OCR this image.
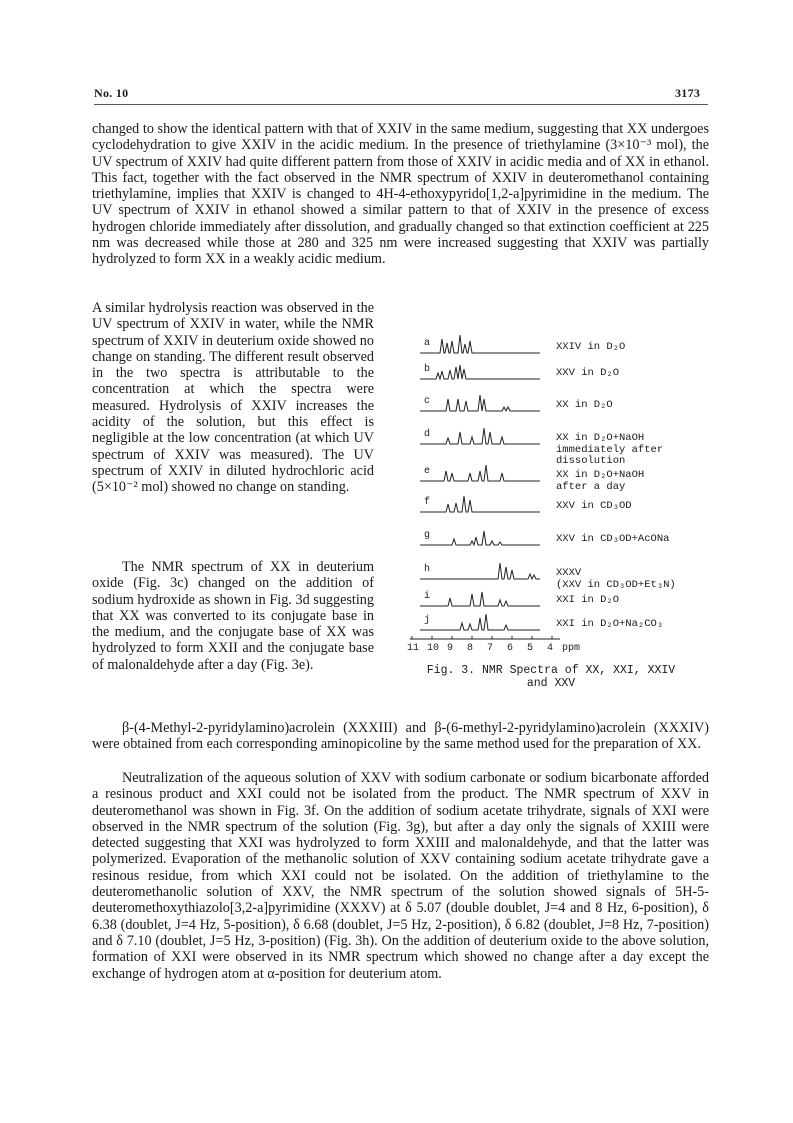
No. 10	3173

changed to show the identical pattern with that of XXIV in the same medium, suggesting that XX undergoes cyclodehydration to give XXIV in the acidic medium. In the presence of triethylamine (3×10⁻³ mol), the UV spectrum of XXIV had quite different pattern from those of XXIV in acidic media and of XX in ethanol. This fact, together with the fact observed in the NMR spectrum of XXIV in deuteromethanol containing triethylamine, implies that XXIV is changed to 4H-4-ethoxypyrido[1,2-a]pyrimidine in the medium. The UV spectrum of XXIV in ethanol showed a similar pattern to that of XXIV in the presence of excess hydrogen chloride immediately after dissolution, and gradually changed so that extinction coefficient at 225 nm was decreased while those at 280 and 325 nm were increased suggesting that XXIV was partially hydrolyzed to form XX in a weakly acidic medium.

A similar hydrolysis reaction was observed in the UV spectrum of XXIV in water, while the NMR spectrum of XXIV in deuterium oxide showed no change on standing. The different result observed in the two spectra is attributable to the concentration at which the spectra were measured. Hydrolysis of XXIV increases the acidity of the solution, but this effect is negligible at the low concentration (at which UV spectrum of XXIV was measured). The UV spectrum of XXIV in diluted hydrochloric acid (5×10⁻² mol) showed no change on standing.

The NMR spectrum of XX in deuterium oxide (Fig. 3c) changed on the addition of sodium hydroxide as shown in Fig. 3d suggesting that XX was converted to its conjugate base in the medium, and the conjugate base of XX was hydrolyzed to form XXII and the conjugate base of malonaldehyde after a day (Fig. 3e).

β-(4-Methyl-2-pyridylamino)acrolein (XXXIII) and β-(6-methyl-2-pyridylamino)acrolein (XXXIV) were obtained from each corresponding aminopicoline by the same method used for the preparation of XX.

Neutralization of the aqueous solution of XXV with sodium carbonate or sodium bicarbonate afforded a resinous product and XXI could not be isolated from the product. The NMR spectrum of XXV in deuteromethanol was shown in Fig. 3f. On the addition of sodium acetate trihydrate, signals of XXI were observed in the NMR spectrum of the solution (Fig. 3g), but after a day only the signals of XXIII were detected suggesting that XXI was hydrolyzed to form XXIII and malonaldehyde, and that the latter was polymerized. Evaporation of the methanolic solution of XXV containing sodium acetate trihydrate gave a resinous residue, from which XXI could not be isolated. On the addition of triethylamine to the deuteromethanolic solution of XXV, the NMR spectrum of the solution showed signals of 5H-5-deuteromethoxythiazolo[3,2-a]pyrimidine (XXXV) at δ 5.07 (double doublet, J=4 and 8 Hz, 6-position), δ 6.38 (doublet, J=4 Hz, 5-position), δ 6.68 (doublet, J=5 Hz, 2-position), δ 6.82 (doublet, J=8 Hz, 7-position) and δ 7.10 (doublet, J=5 Hz, 3-position) (Fig. 3h). On the addition of deuterium oxide to the above solution, formation of XXI were observed in its NMR spectrum which showed no change after a day except the exchange of hydrogen atom at α-position for deuterium atom.

a
b
c
d
e
f
g
h
i
j
11 10 9 8 7 6 5 4 ppm
Fig. 3. NMR Spectra of XX, XXI, XXIV and XXV
XXIV in D₂O
XXV in D₂O
XX in D₂O
XX in D₂O+NaOH
immediately after
dissolution
XX in D₂O+NaOH
after a day
XXV in CD₃OD
XXV in CD₃OD+AcONa
XXXV
(XXV in CD₃OD+Et₃N)
XXI in D₂O
XXI in D₂O+Na₂CO₃
